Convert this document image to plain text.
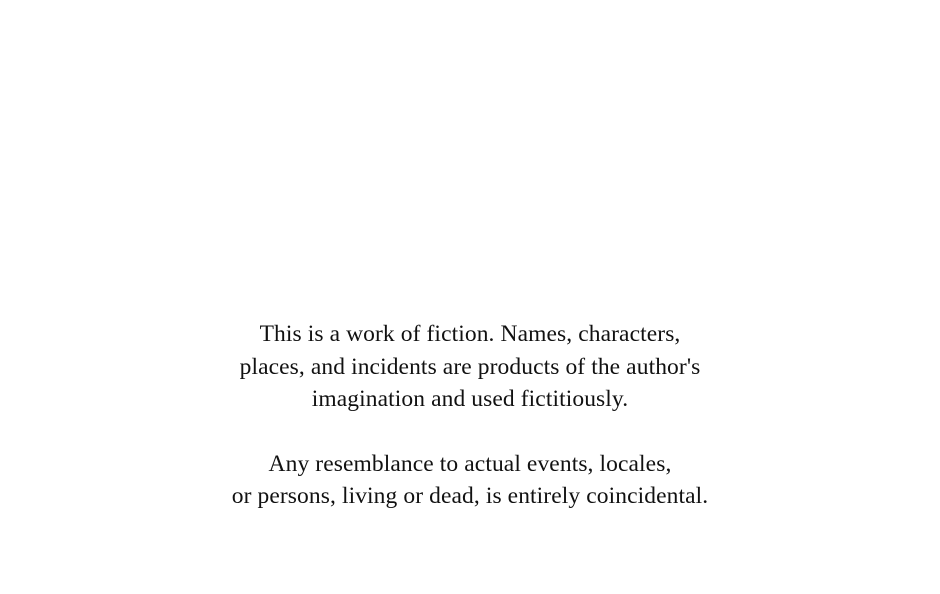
This is a work of fiction. Names, characters,
places, and incidents are products of the author's
imagination and used fictitiously.

Any resemblance to actual events, locales,
or persons, living or dead, is entirely coincidental.
